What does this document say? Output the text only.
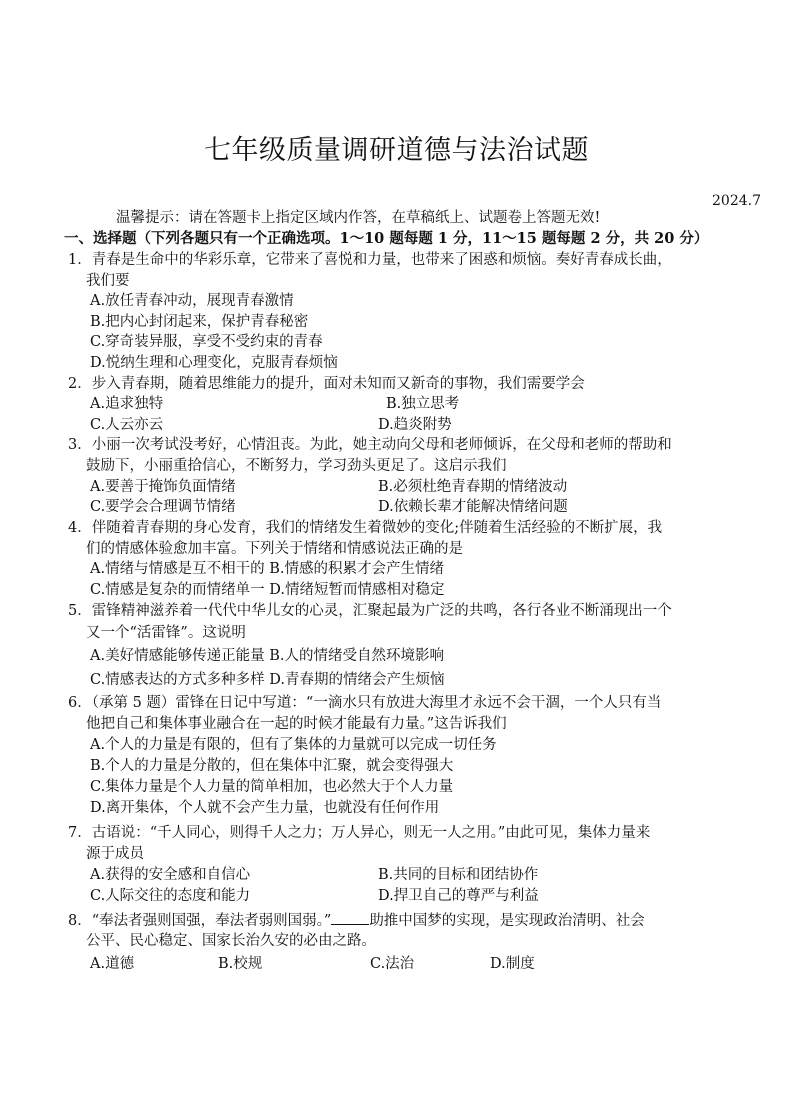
七年级质量调研道德与法治试题
2024.7
温馨提示：请在答题卡上指定区域内作答，在草稿纸上、试题卷上答题无效!
一、选择题（下列各题只有一个正确选项。1～10 题每题 1 分，11～15 题每题 2 分，共 20 分）
1．青春是生命中的华彩乐章，它带来了喜悦和力量，也带来了困惑和烦恼。奏好青春成长曲，
我们要
A.放任青春冲动，展现青春激情
B.把内心封闭起来，保护青春秘密
C.穿奇装异服，享受不受约束的青春
D.悦纳生理和心理变化，克服青春烦恼
2．步入青春期，随着思维能力的提升，面对未知而又新奇的事物，我们需要学会
A.追求独特	B.独立思考
C.人云亦云	D.趋炎附势
3．小丽一次考试没考好，心情沮丧。为此，她主动向父母和老师倾诉，在父母和老师的帮助和
鼓励下，小丽重拾信心，不断努力，学习劲头更足了。这启示我们
A.要善于掩饰负面情绪	B.必须杜绝青春期的情绪波动
C.要学会合理调节情绪	D.依赖长辈才能解决情绪问题
4．伴随着青春期的身心发育，我们的情绪发生着微妙的变化;伴随着生活经验的不断扩展，我
们的情感体验愈加丰富。下列关于情绪和情感说法正确的是
A.情绪与情感是互不相干的 B.情感的积累才会产生情绪
C.情感是复杂的而情绪单一 D.情绪短暂而情感相对稳定
5．雷锋精神滋养着一代代中华儿女的心灵，汇聚起最为广泛的共鸣，各行各业不断涌现出一个
又一个“活雷锋”。这说明
A.美好情感能够传递正能量 B.人的情绪受自然环境影响
C.情感表达的方式多种多样 D.青春期的情绪会产生烦恼
6．（承第 5 题）雷锋在日记中写道：“一滴水只有放进大海里才永远不会干涸，一个人只有当
他把自己和集体事业融合在一起的时候才能最有力量。”这告诉我们
A.个人的力量是有限的，但有了集体的力量就可以完成一切任务
B.个人的力量是分散的，但在集体中汇聚，就会变得强大
C.集体力量是个人力量的简单相加，也必然大于个人力量
D.离开集体，个人就不会产生力量，也就没有任何作用
7．古语说：“千人同心，则得千人之力；万人异心，则无一人之用。”由此可见，集体力量来
源于成员
A.获得的安全感和自信心	B.共同的目标和团结协作
C.人际交往的态度和能力	D.捍卫自己的尊严与利益
8．“奉法者强则国强，奉法者弱则国弱。”	助推中国梦的实现，是实现政治清明、社会
公平、民心稳定、国家长治久安的必由之路。
A.道德	B.校规	C.法治	D.制度
